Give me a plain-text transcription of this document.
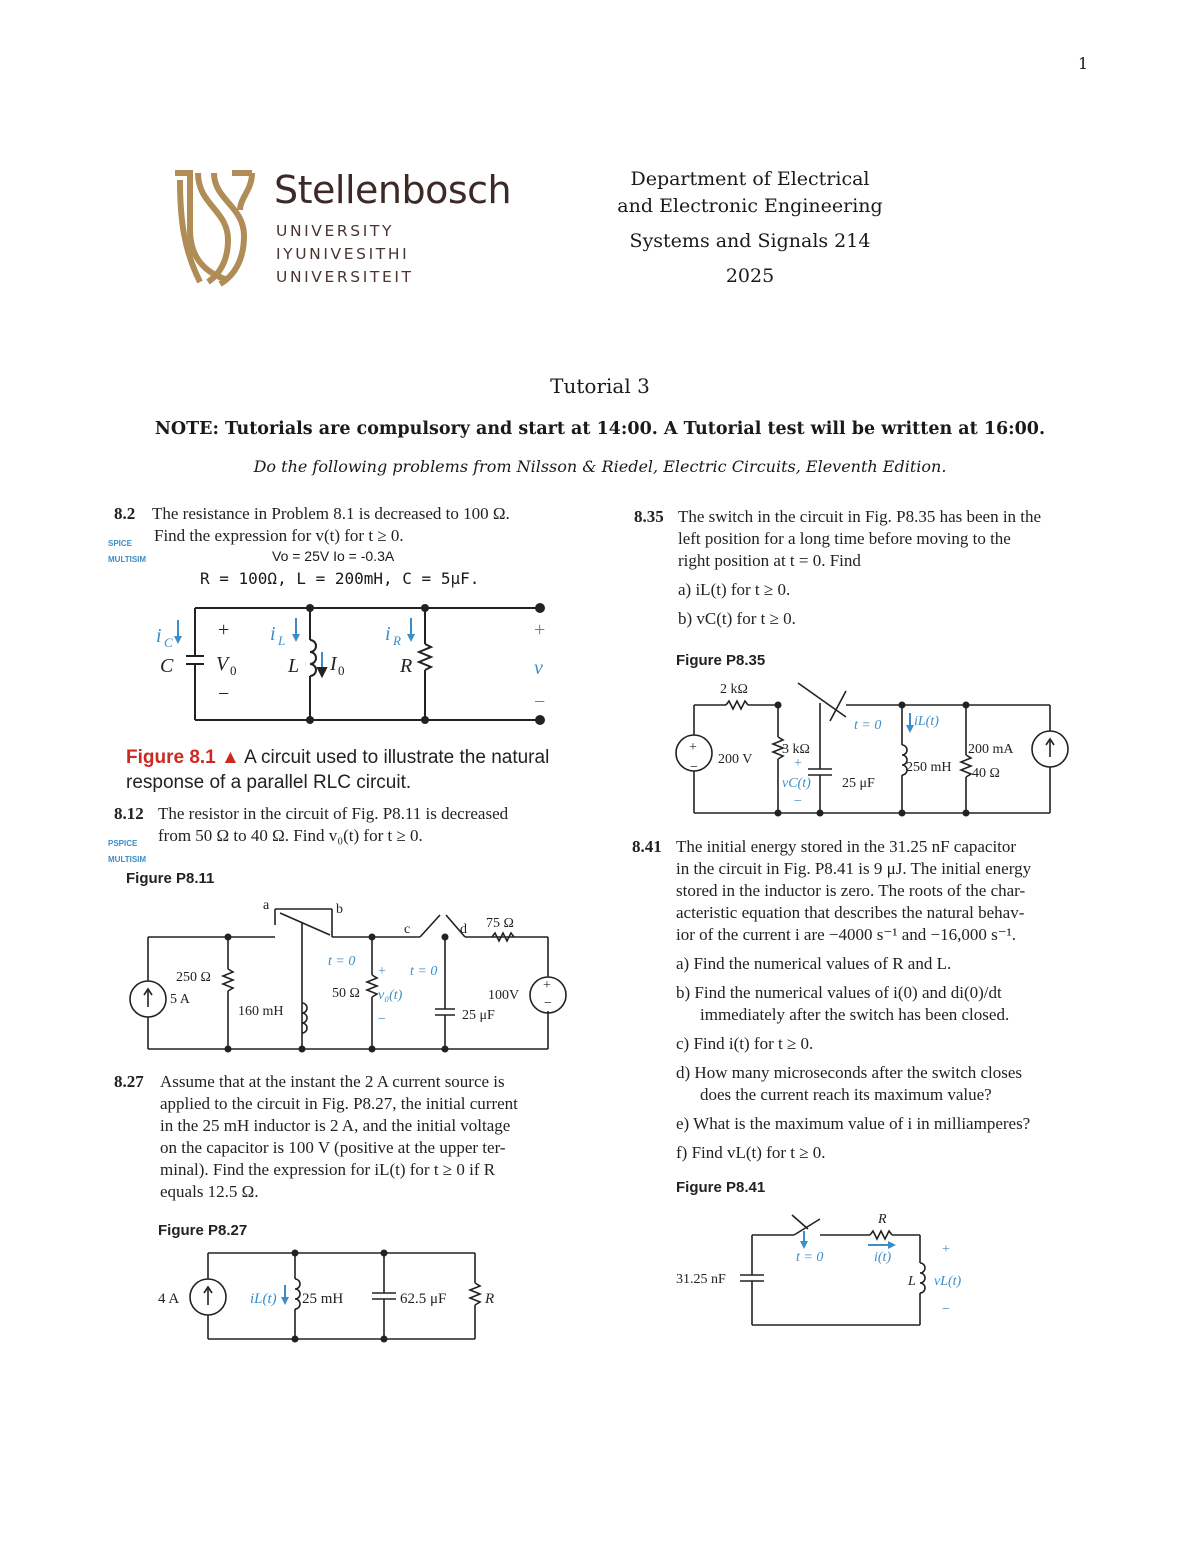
1
Stellenbosch
UNIVERSITY
IYUNIVESITHI
UNIVERSITEIT
Department of Electrical
and Electronic Engineering
Systems and Signals 214
2025
Tutorial 3
NOTE: Tutorials are compulsory and start at 14:00. A Tutorial test will be written at 16:00.
Do the following problems from Nilsson & Riedel, Electric Circuits, Eleventh Edition.
8.2 The resistance in Problem 8.1 is decreased to 100 Ω.
Find the expression for v(t) for t ≥ 0.
SPICE
MULTISIM	Vo = 25V Io = -0.3A
R = 100Ω, L = 200mH, C = 5μF.
i C	i L	i R	+
v
−
+
−
C V 0	L I 0	R
Figure 8.1 ▲ A circuit used to illustrate the natural
response of a parallel RLC circuit.
8.12 The resistor in the circuit of Fig. P8.11 is decreased
from 50 Ω to 40 Ω. Find v₀(t) for t ≥ 0.
PSPICE
MULTISIM
Figure P8.11
a	b
c	d 75 Ω
250 Ω
5 A
160 mH
50 Ω	100V
25 μF
+
−
t = 0
t = 0
v₀(t)
+
−
8.27 Assume that at the instant the 2 A current source is
applied to the circuit in Fig. P8.27, the initial current
in the 25 mH inductor is 2 A, and the initial voltage
on the capacitor is 100 V (positive at the upper ter-
minal). Find the expression for iL(t) for t ≥ 0 if R
equals 12.5 Ω.
Figure P8.27
4 A	25 mH	62.5 μF	R
iL(t)
8.35 The switch in the circuit in Fig. P8.35 has been in the
left position for a long time before moving to the
right position at t = 0. Find
a) iL(t) for t ≥ 0.
b) vC(t) for t ≥ 0.
Figure P8.35
2 kΩ
200 V
3 kΩ
25 μF
250 mH
200 mA
40 Ω
+
−
t = 0 iL(t)
vC(t)
+
−
8.41 The initial energy stored in the 31.25 nF capacitor
in the circuit in Fig. P8.41 is 9 μJ. The initial energy
stored in the inductor is zero. The roots of the char-
acteristic equation that describes the natural behav-
ior of the current i are −4000 s⁻¹ and −16,000 s⁻¹.
a) Find the numerical values of R and L.
b) Find the numerical values of i(0) and di(0)/dt
immediately after the switch has been closed.
c) Find i(t) for t ≥ 0.
d) How many microseconds after the switch closes
does the current reach its maximum value?
e) What is the maximum value of i in milliamperes?
f) Find vL(t) for t ≥ 0.
Figure P8.41
31.25 nF
R
L
t = 0	i(t)
vL(t)
+
−
